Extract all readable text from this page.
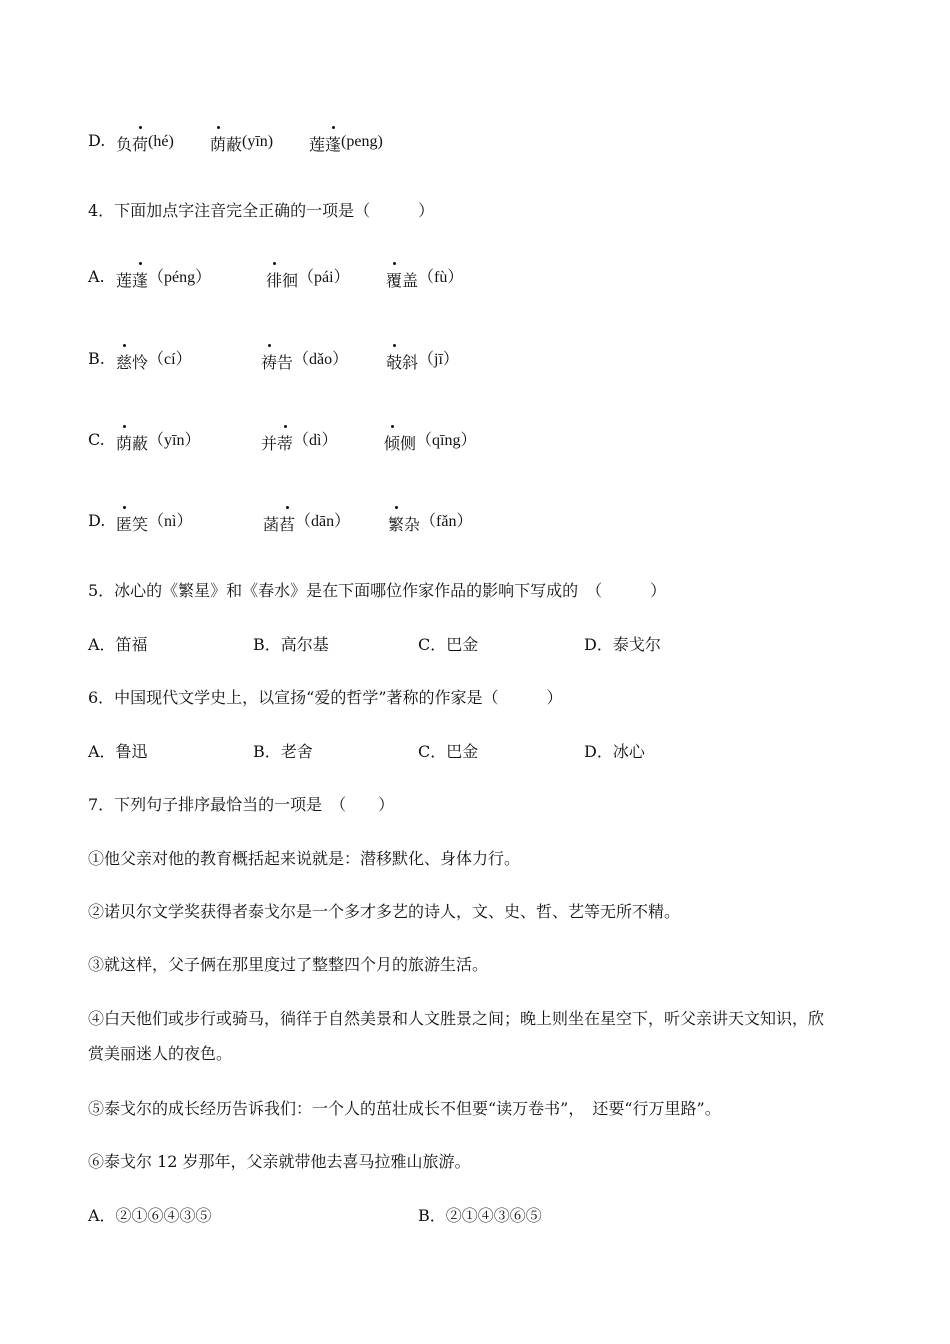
D. 负荷(hé) 荫蔽(yīn) 莲蓬(peng)
4．下面加点字注音完全正确的一项是（　　　）
A. 莲蓬（péng）	徘徊（pái） 覆盖（fù）
B. 慈怜（cí）	祷告（dǎo） 攲斜（jī）
C. 荫蔽（yīn）	并蒂（dì）	倾侧（qīng）
D. 匿笑（nì）	菡萏（dān） 繁杂（fǎn）
5．冰心的《繁星》和《春水》是在下面哪位作家作品的影响下写成的　（　　　）
A．笛福	B．高尔基	C．巴金	D．泰戈尔
6．中国现代文学史上，以宣扬“爱的哲学”著称的作家是（　　　）
A．鲁迅	B．老舍	C．巴金	D．冰心
7．下列句子排序最恰当的一项是　（　　）
①他父亲对他的教育概括起来说就是：潜移默化、身体力行。
②诺贝尔文学奖获得者泰戈尔是一个多才多艺的诗人，文、史、哲、艺等无所不精。
③就这样，父子俩在那里度过了整整四个月的旅游生活。
④白天他们或步行或骑马，徜徉于自然美景和人文胜景之间；晚上则坐在星空下，听父亲讲天文知识，欣
赏美丽迷人的夜色。
⑤泰戈尔的成长经历告诉我们：一个人的茁壮成长不但要“读万卷书”，　还要“行万里路”。
⑥泰戈尔 12 岁那年，父亲就带他去喜马拉雅山旅游。
A．②①⑥④③⑤	B．②①④③⑥⑤
